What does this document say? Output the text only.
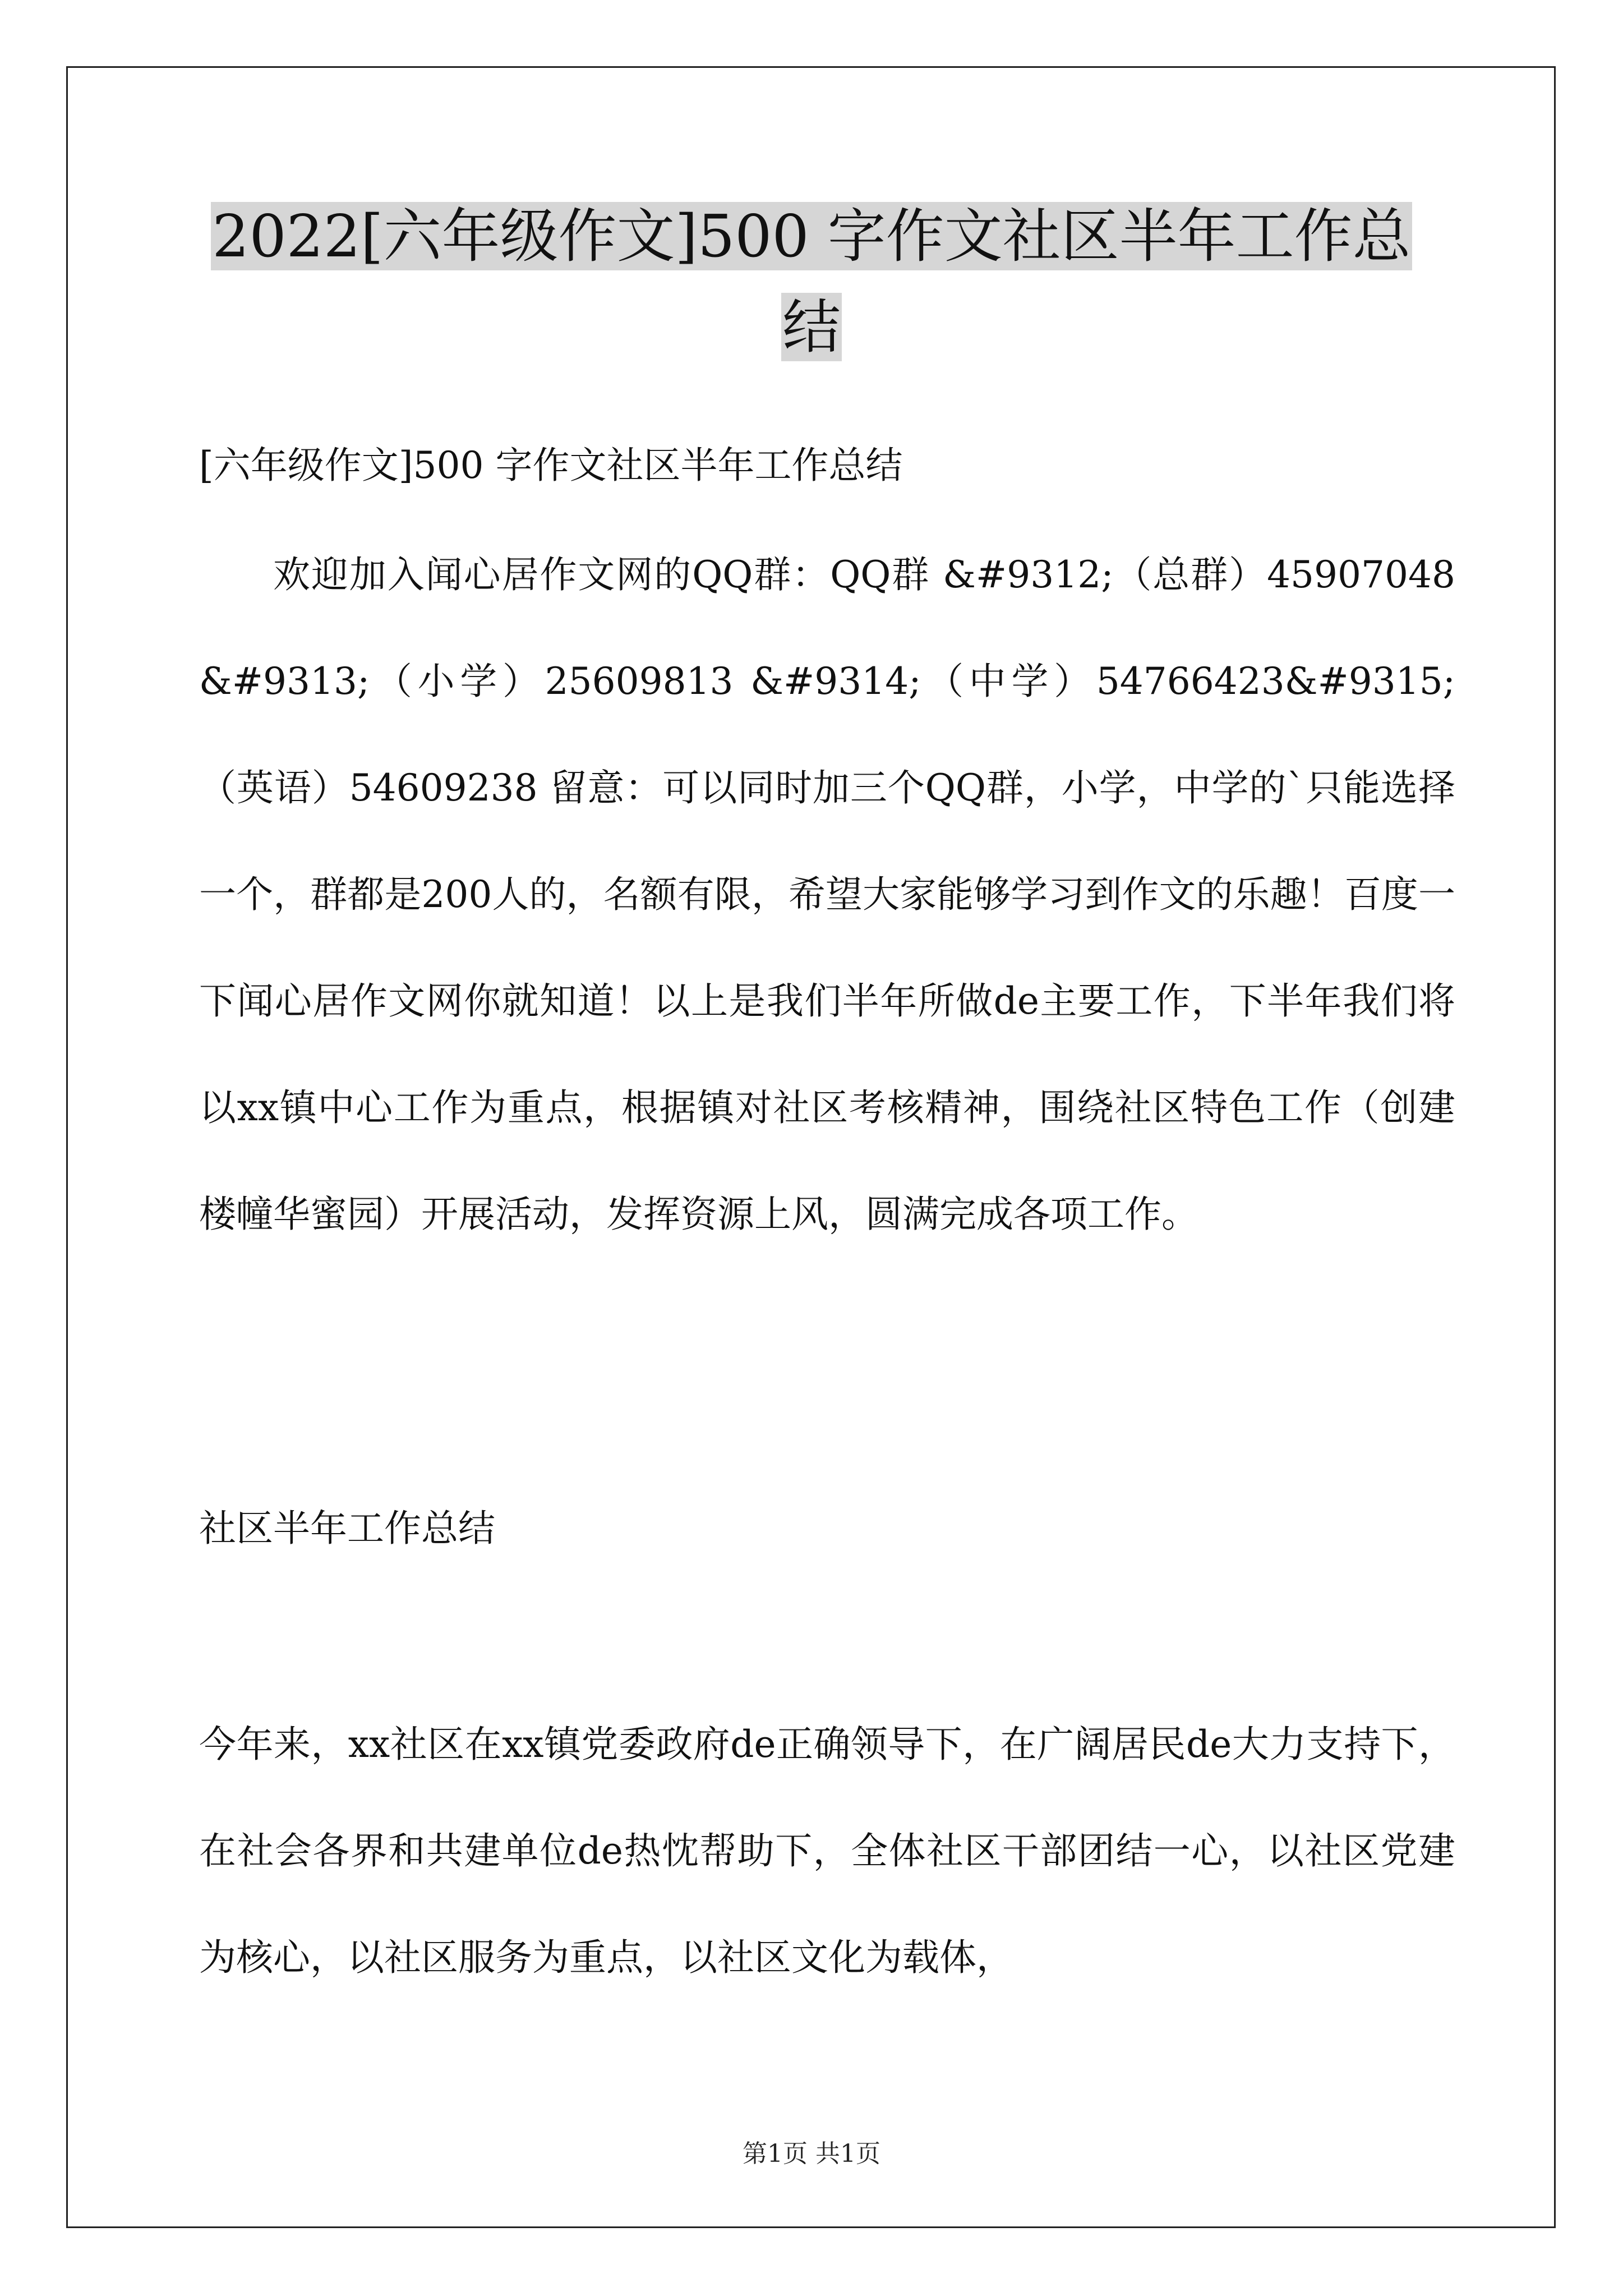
2022[六年级作文]500 字作文社区半年工作总
结

[六年级作文]500 字作文社区半年工作总结

欢迎加入闻心居作文网的QQ群：QQ群 &#9312;（总群）45907048 &#9313;（小学）25609813 &#9314;（中学）54766423&#9315;（英语）54609238 留意：可以同时加三个QQ群，小学，中学的`只能选择一个，群都是200人的，名额有限，希望大家能够学习到作文的乐趣！百度一下闻心居作文网你就知道！以上是我们半年所做de主要工作，下半年我们将以xx镇中心工作为重点，根据镇对社区考核精神，围绕社区特色工作（创建楼幢华蜜园）开展活动，发挥资源上风，圆满完成各项工作。

社区半年工作总结

今年来，xx社区在xx镇党委政府de正确领导下，在广阔居民de大力支持下，在社会各界和共建单位de热忱帮助下，全体社区干部团结一心，以社区党建为核心，以社区服务为重点，以社区文化为载体，

第1页 共1页
